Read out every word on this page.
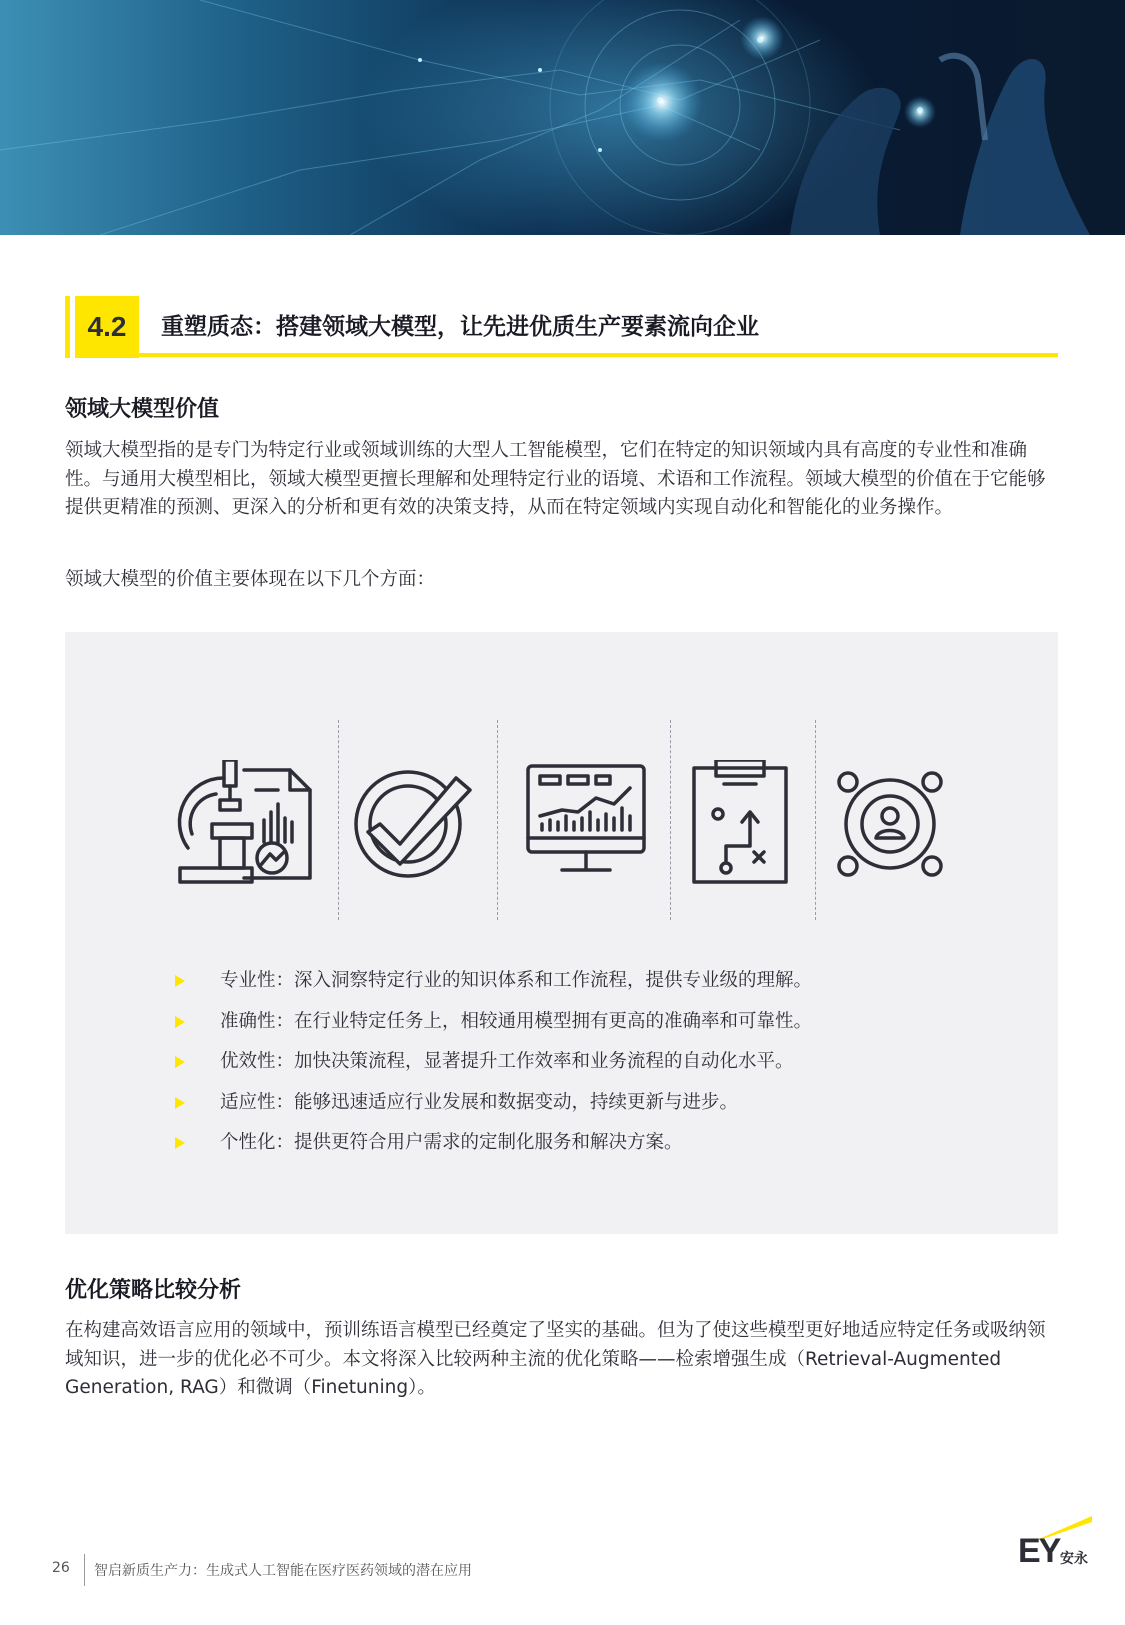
4.2	重塑质态：搭建领域大模型，让先进优质生产要素流向企业
领域大模型价值

领域大模型指的是专门为特定行业或领域训练的大型人工智能模型，它们在特定的知识领域内具有高度的专业性和准确性。与通用大模型相比，领域大模型更擅长理解和处理特定行业的语境、术语和工作流程。领域大模型的价值在于它能够提供更精准的预测、更深入的分析和更有效的决策支持，从而在特定领域内实现自动化和智能化的业务操作。

领域大模型的价值主要体现在以下几个方面：

专业性：深入洞察特定行业的知识体系和工作流程，提供专业级的理解。
准确性：在行业特定任务上，相较通用模型拥有更高的准确率和可靠性。
优效性：加快决策流程，显著提升工作效率和业务流程的自动化水平。
适应性：能够迅速适应行业发展和数据变动，持续更新与进步。
个性化：提供更符合用户需求的定制化服务和解决方案。
优化策略比较分析

在构建高效语言应用的领域中，预训练语言模型已经奠定了坚实的基础。但为了使这些模型更好地适应特定任务或吸纳领域知识，进一步的优化必不可少。本文将深入比较两种主流的优化策略——检索增强生成（Retrieval-Augmented Generation, RAG）和微调（Finetuning）。

26 智启新质生产力：生成式人工智能在医疗医药领域的潜在应用
EY 安永
